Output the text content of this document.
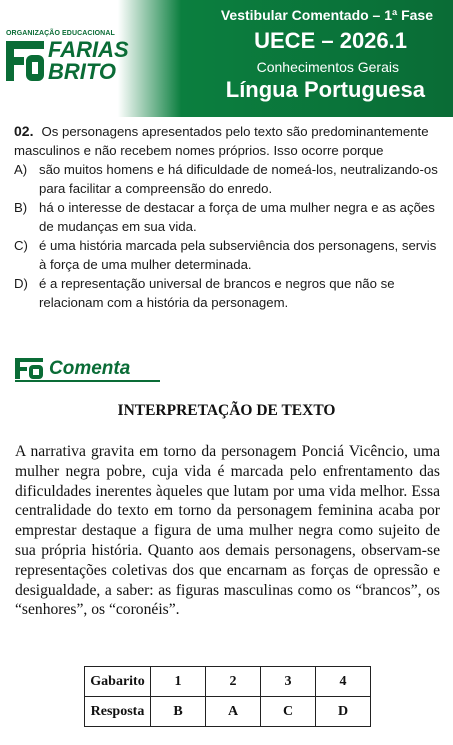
ORGANIZAÇÃO EDUCACIONAL
FARIAS
BRITO
Vestibular Comentado – 1ª Fase
UECE – 2026.1
Conhecimentos Gerais
Língua Portuguesa
02. Os personagens apresentados pelo texto são predominantemente masculinos e não recebem nomes próprios. Isso ocorre porque
A) são muitos homens e há dificuldade de nomeá-los, neutralizando-os para facilitar a compreensão do enredo.
B) há o interesse de destacar a força de uma mulher negra e as ações de mudanças em sua vida.
C) é uma história marcada pela subserviência dos personagens, servis à força de uma mulher determinada.
D) é a representação universal de brancos e negros que não se relacionam com a história da personagem.
Comenta
INTERPRETAÇÃO DE TEXTO
A narrativa gravita em torno da personagem Ponciá Vicêncio, uma mulher negra pobre, cuja vida é marcada pelo enfrentamento das dificuldades inerentes àqueles que lutam por uma vida melhor. Essa centralidade do texto em torno da personagem feminina acaba por emprestar destaque a figura de uma mulher negra como sujeito de sua própria história. Quanto aos demais personagens, observam-se representações coletivas dos que encarnam as forças de opressão e desigualdade, a saber: as figuras masculinas como os “brancos”, os “senhores”, os “coronéis”.
Gabarito	1	2	3	4
Resposta	B	A	C	D
